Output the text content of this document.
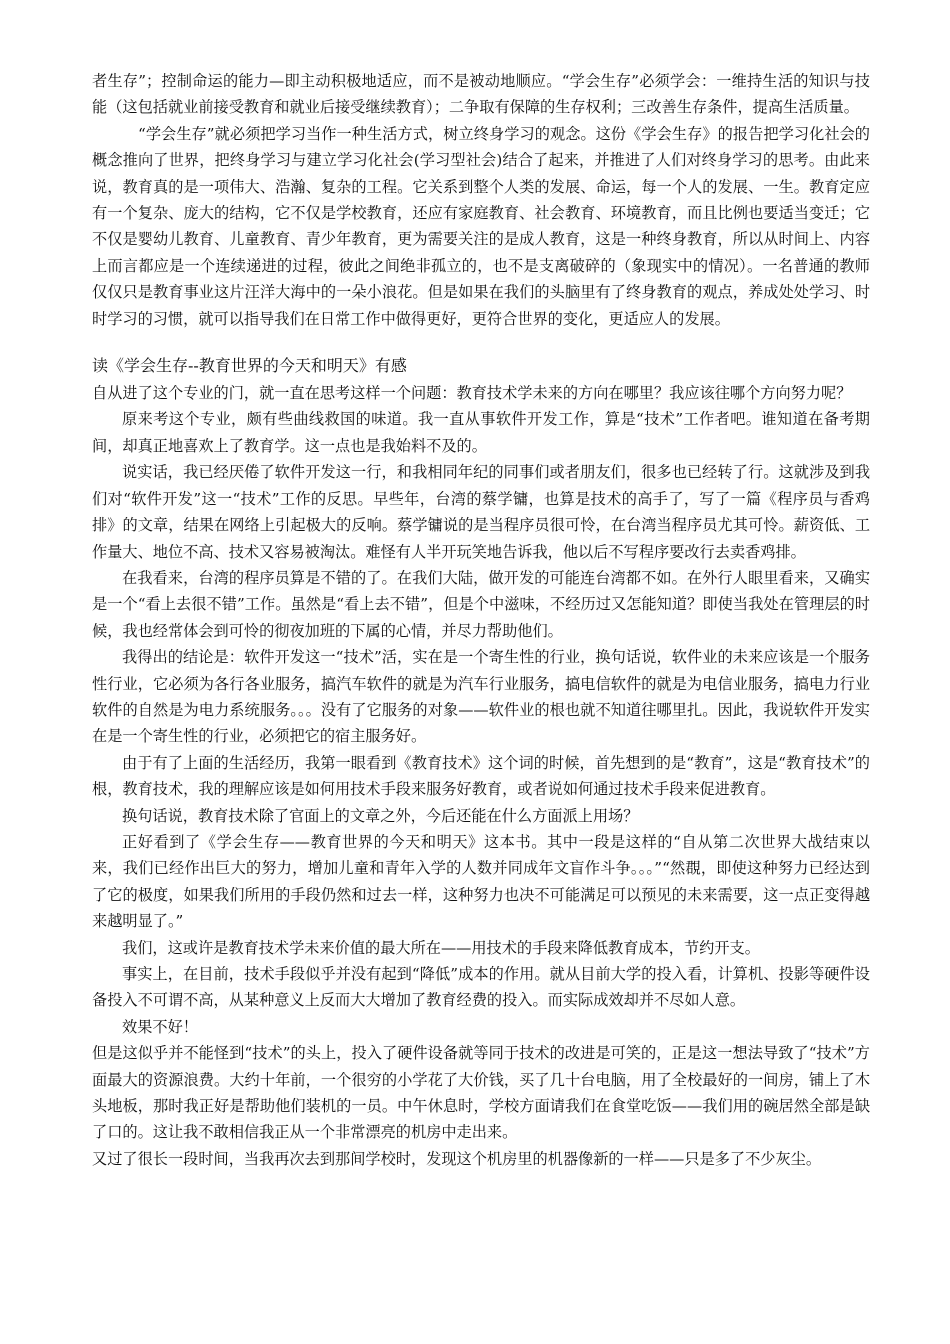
者生存”；控制命运的能力—即主动积极地适应，而不是被动地顺应。“学会生存”必须学会：一维持生活的知识与技能（这包括就业前接受教育和就业后接受继续教育）；二争取有保障的生存权利；三改善生存条件，提高生活质量。

“学会生存”就必须把学习当作一种生活方式，树立终身学习的观念。这份《学会生存》的报告把学习化社会的概念推向了世界，把终身学习与建立学习化社会(学习型社会)结合了起来，并推进了人们对终身学习的思考。由此来说，教育真的是一项伟大、浩瀚、复杂的工程。它关系到整个人类的发展、命运，每一个人的发展、一生。教育定应有一个复杂、庞大的结构，它不仅是学校教育，还应有家庭教育、社会教育、环境教育，而且比例也要适当变迁；它不仅是婴幼儿教育、儿童教育、青少年教育，更为需要关注的是成人教育，这是一种终身教育，所以从时间上、内容上而言都应是一个连续递进的过程，彼此之间绝非孤立的，也不是支离破碎的（象现实中的情况）。一名普通的教师仅仅只是教育事业这片汪洋大海中的一朵小浪花。但是如果在我们的头脑里有了终身教育的观点，养成处处学习、时时学习的习惯，就可以指导我们在日常工作中做得更好，更符合世界的变化，更适应人的发展。

读《学会生存--教育世界的今天和明天》有感

自从进了这个专业的门，就一直在思考这样一个问题：教育技术学未来的方向在哪里？我应该往哪个方向努力呢？

原来考这个专业，颇有些曲线救国的味道。我一直从事软件开发工作，算是“技术”工作者吧。谁知道在备考期间，却真正地喜欢上了教育学。这一点也是我始料不及的。

说实话，我已经厌倦了软件开发这一行，和我相同年纪的同事们或者朋友们，很多也已经转了行。这就涉及到我们对“软件开发”这一“技术”工作的反思。早些年，台湾的蔡学镛，也算是技术的高手了，写了一篇《程序员与香鸡排》的文章，结果在网络上引起极大的反响。蔡学镛说的是当程序员很可怜，在台湾当程序员尤其可怜。薪资低、工作量大、地位不高、技术又容易被淘汰。难怪有人半开玩笑地告诉我，他以后不写程序要改行去卖香鸡排。

在我看来，台湾的程序员算是不错的了。在我们大陆，做开发的可能连台湾都不如。在外行人眼里看来，又确实是一个“看上去很不错”工作。虽然是“看上去不错”，但是个中滋味，不经历过又怎能知道？即使当我处在管理层的时候，我也经常体会到可怜的彻夜加班的下属的心情，并尽力帮助他们。

我得出的结论是：软件开发这一“技术”活，实在是一个寄生性的行业，换句话说，软件业的未来应该是一个服务性行业，它必须为各行各业服务，搞汽车软件的就是为汽车行业服务，搞电信软件的就是为电信业服务，搞电力行业软件的自然是为电力系统服务。。。没有了它服务的对象——软件业的根也就不知道往哪里扎。因此，我说软件开发实在是一个寄生性的行业，必须把它的宿主服务好。

由于有了上面的生活经历，我第一眼看到《教育技术》这个词的时候，首先想到的是“教育”，这是“教育技术”的根，教育技术，我的理解应该是如何用技术手段来服务好教育，或者说如何通过技术手段来促进教育。

换句话说，教育技术除了官面上的文章之外，今后还能在什么方面派上用场？

正好看到了《学会生存——教育世界的今天和明天》这本书。其中一段是这样的“自从第二次世界大战结束以来，我们已经作出巨大的努力，增加儿童和青年入学的人数并同成年文盲作斗争。。。”“然覠，即使这种努力已经达到了它的极度，如果我们所用的手段仍然和过去一样，这种努力也决不可能满足可以预见的未来需要，这一点正变得越来越明显了。”

我们，这或许是教育技术学未来价值的最大所在——用技术的手段来降低教育成本，节约开支。

事实上，在目前，技术手段似乎并没有起到“降低”成本的作用。就从目前大学的投入看，计算机、投影等硬件设备投入不可谓不高，从某种意义上反而大大增加了教育经费的投入。而实际成效却并不尽如人意。

效果不好！

但是这似乎并不能怪到“技术”的头上，投入了硬件设备就等同于技术的改进是可笑的，正是这一想法导致了“技术”方面最大的资源浪费。大约十年前，一个很穷的小学花了大价钱，买了几十台电脑，用了全校最好的一间房，铺上了木头地板，那时我正好是帮助他们装机的一员。中午休息时，学校方面请我们在食堂吃饭——我们用的碗居然全部是缺了口的。这让我不敢相信我正从一个非常漂亮的机房中走出来。

又过了很长一段时间，当我再次去到那间学校时，发现这个机房里的机器像新的一样——只是多了不少灰尘。
